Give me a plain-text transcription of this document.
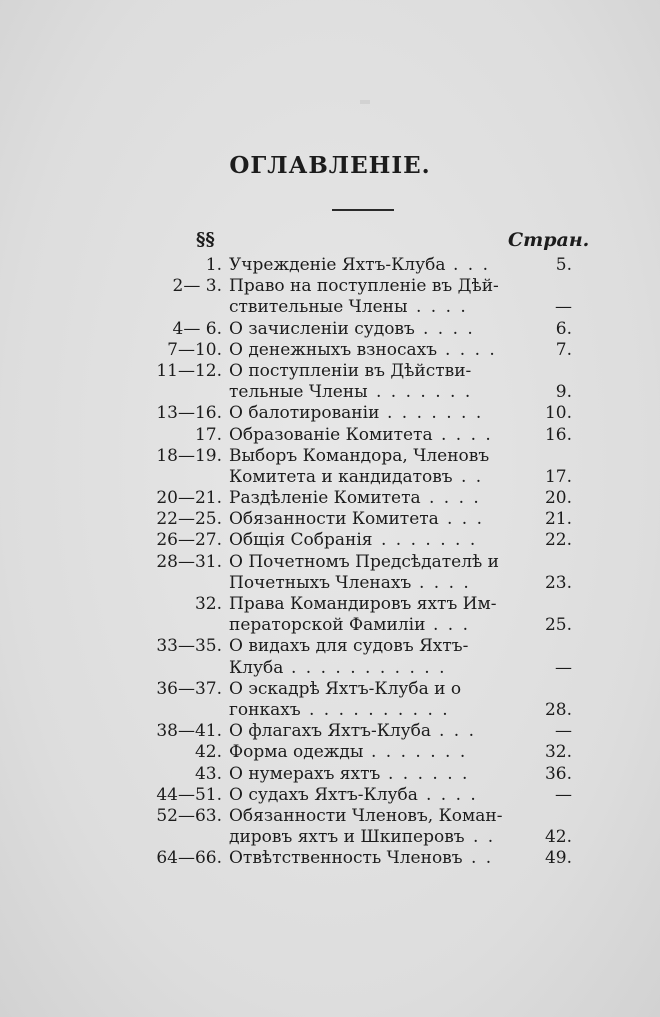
ОГЛАВЛЕНІЕ.
§§	Стран.
1. Учрежденіе Яхтъ-Клуба . . .	5.
2— 3. Право на поступленіе въ Дѣй-
ствительные Члены . . . .	—
4— 6. О зачисленіи судовъ . . . .	6.
7—10. О денежныхъ взносахъ . . . .	7.
11—12. О поступленіи въ Дѣйстви-
тельные Члены . . . . . . .	9.
13—16. О балотированіи . . . . . . .	10.
17. Образованіе Комитета . . . .	16.
18—19. Выборъ Командора, Членовъ
Комитета и кандидатовъ . .	17.
20—21. Раздѣленіе Комитета . . . .	20.
22—25. Обязанности Комитета . . .	21.
26—27. Общія Собранія . . . . . . .	22.
28—31. О Почетномъ Предсѣдателѣ и
Почетныхъ Членахъ . . . .	23.
32. Права Командировъ яхтъ Им-
ператорской Фамиліи . . .	25.
33—35. О видахъ для судовъ Яхтъ-
Клуба . . . . . . . . . . .	—
36—37. О эскадрѣ Яхтъ-Клуба и о
гонкахъ . . . . . . . . . .	28.
38—41. О флагахъ Яхтъ-Клуба . . .	—
42. Форма одежды . . . . . . .	32.
43. О нумерахъ яхтъ . . . . . .	36.
44—51. О судахъ Яхтъ-Клуба . . . .	—
52—63. Обязанности Членовъ, Коман-
дировъ яхтъ и Шкиперовъ . .	42.
64—66. Отвѣтственность Членовъ . .	49.
